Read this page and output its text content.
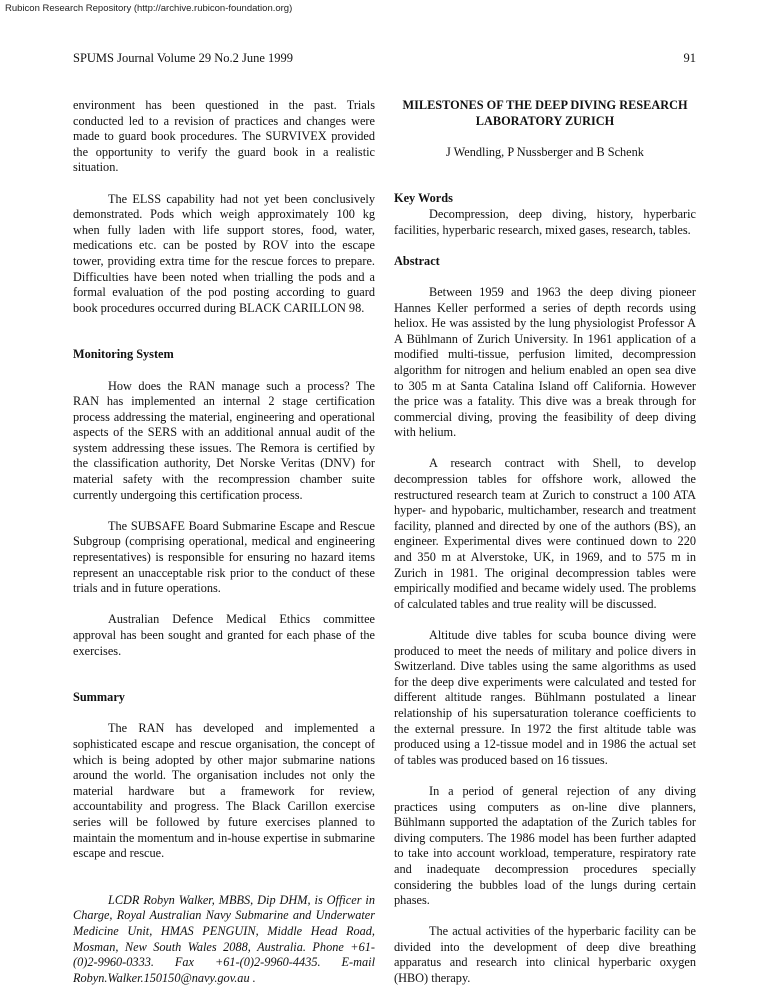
Rubicon Research Repository (http://archive.rubicon-foundation.org)
SPUMS Journal Volume 29 No.2 June 1999	91

environment has been questioned in the past. Trials conducted led to a revision of practices and changes were made to guard book procedures. The SURVIVEX provided the opportunity to verify the guard book in a realistic situation.

The ELSS capability had not yet been conclusively demonstrated. Pods which weigh approximately 100 kg when fully laden with life support stores, food, water, medications etc. can be posted by ROV into the escape tower, providing extra time for the rescue forces to prepare. Difficulties have been noted when trialling the pods and a formal evaluation of the pod posting according to guard book procedures occurred during BLACK CARILLON 98.

Monitoring System

How does the RAN manage such a process? The RAN has implemented an internal 2 stage certification process addressing the material, engineering and operational aspects of the SERS with an additional annual audit of the system addressing these issues. The Remora is certified by the classification authority, Det Norske Veritas (DNV) for material safety with the recompression chamber suite currently undergoing this certification process.

The SUBSAFE Board Submarine Escape and Rescue Subgroup (comprising operational, medical and engineering representatives) is responsible for ensuring no hazard items represent an unacceptable risk prior to the conduct of these trials and in future operations.

Australian Defence Medical Ethics committee approval has been sought and granted for each phase of the exercises.

Summary

The RAN has developed and implemented a sophisticated escape and rescue organisation, the concept of which is being adopted by other major submarine nations around the world. The organisation includes not only the material hardware but a framework for review, accountability and progress. The Black Carillon exercise series will be followed by future exercises planned to maintain the momentum and in-house expertise in submarine escape and rescue.

LCDR Robyn Walker, MBBS, Dip DHM, is Officer in Charge, Royal Australian Navy Submarine and Underwater Medicine Unit, HMAS PENGUIN, Middle Head Road, Mosman, New South Wales 2088, Australia. Phone +61-(0)2-9960-0333. Fax +61-(0)2-9960-4435. E-mail Robyn.Walker.150150@navy.gov.au .

MILESTONES OF THE DEEP DIVING RESEARCH LABORATORY ZURICH

J Wendling, P Nussberger and B Schenk

Key Words

Decompression, deep diving, history, hyperbaric facilities, hyperbaric research, mixed gases, research, tables.

Abstract

Between 1959 and 1963 the deep diving pioneer Hannes Keller performed a series of depth records using heliox. He was assisted by the lung physiologist Professor A A Bühlmann of Zurich University. In 1961 application of a modified multi-tissue, perfusion limited, decompression algorithm for nitrogen and helium enabled an open sea dive to 305 m at Santa Catalina Island off California. However the price was a fatality. This dive was a break through for commercial diving, proving the feasibility of deep diving with helium.

A research contract with Shell, to develop decompression tables for offshore work, allowed the restructured research team at Zurich to construct a 100 ATA hyper- and hypobaric, multichamber, research and treatment facility, planned and directed by one of the authors (BS), an engineer. Experimental dives were continued down to 220 and 350 m at Alverstoke, UK, in 1969, and to 575 m in Zurich in 1981. The original decompression tables were empirically modified and became widely used. The problems of calculated tables and true reality will be discussed.

Altitude dive tables for scuba bounce diving were produced to meet the needs of military and police divers in Switzerland. Dive tables using the same algorithms as used for the deep dive experiments were calculated and tested for different altitude ranges. Bühlmann postulated a linear relationship of his supersaturation tolerance coefficients to the external pressure. In 1972 the first altitude table was produced using a 12-tissue model and in 1986 the actual set of tables was produced based on 16 tissues.

In a period of general rejection of any diving practices using computers as on-line dive planners, Bühlmann supported the adaptation of the Zurich tables for diving computers. The 1986 model has been further adapted to take into account workload, temperature, respiratory rate and inadequate decompression procedures specially considering the bubbles load of the lungs during certain phases.

The actual activities of the hyperbaric facility can be divided into the development of deep dive breathing apparatus and research into clinical hyperbaric oxygen (HBO) therapy.
